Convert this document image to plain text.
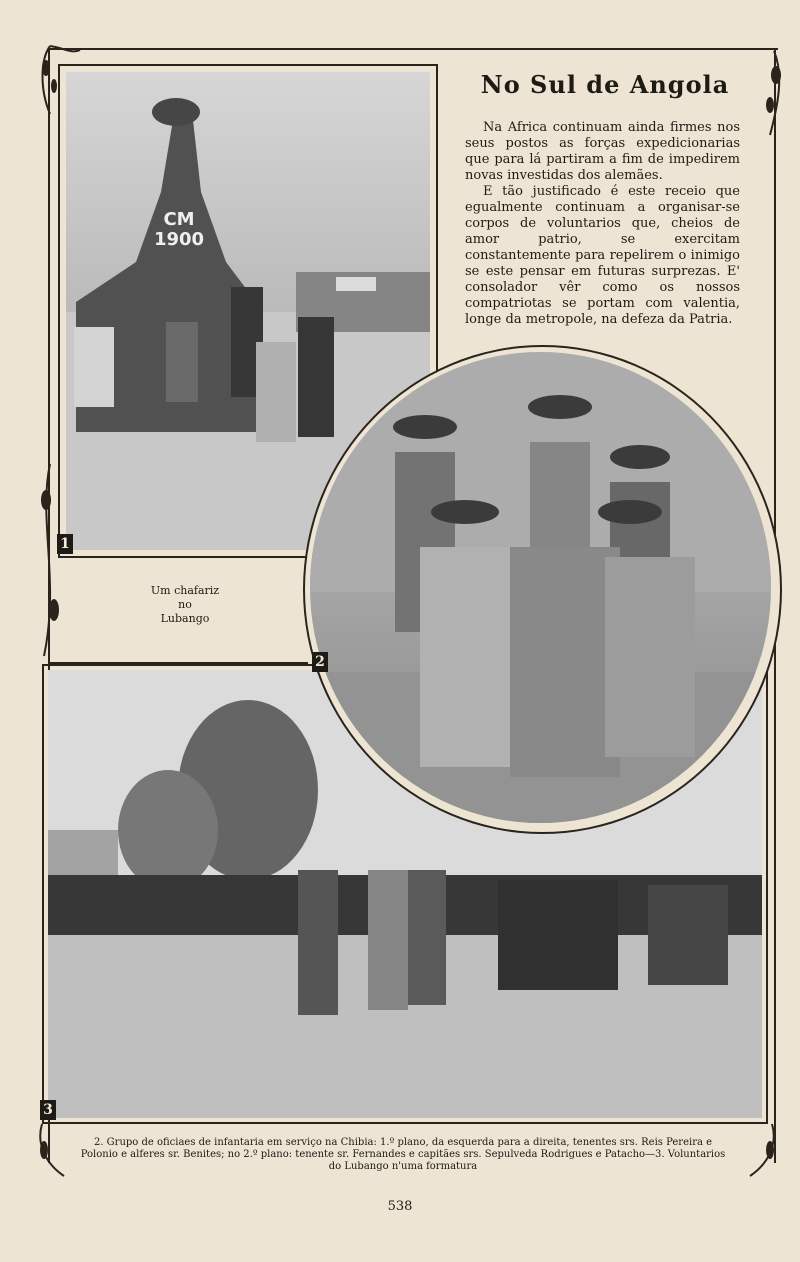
CM
1900
1
Um chafariz
no
Lubango
No Sul de Angola

Na Africa continuam ainda firmes nos seus postos as forças expedicionarias que para lá partiram a fim de impedirem novas investidas dos alemães.

E tão justificado é este receio que egualmente continuam a organisar-se corpos de voluntarios que, cheios de amor patrio, se exercitam constantemente para repelirem o inimigo se este pensar em futuras surprezas. E' consolador vêr como os nossos compatriotas se portam com valentia, longe da metropole, na defeza da Patria.

3
2
2. Grupo de oficiaes de infantaria em serviço na Chibia: 1.º plano, da esquerda para a direita, tenentes srs. Reis Pereira e Polonio e alferes sr. Benites; no 2.º plano: tenente sr. Fernandes e capitães srs. Sepulveda Rodrigues e Patacho—3. Voluntarios do Lubango n'uma formatura
538
